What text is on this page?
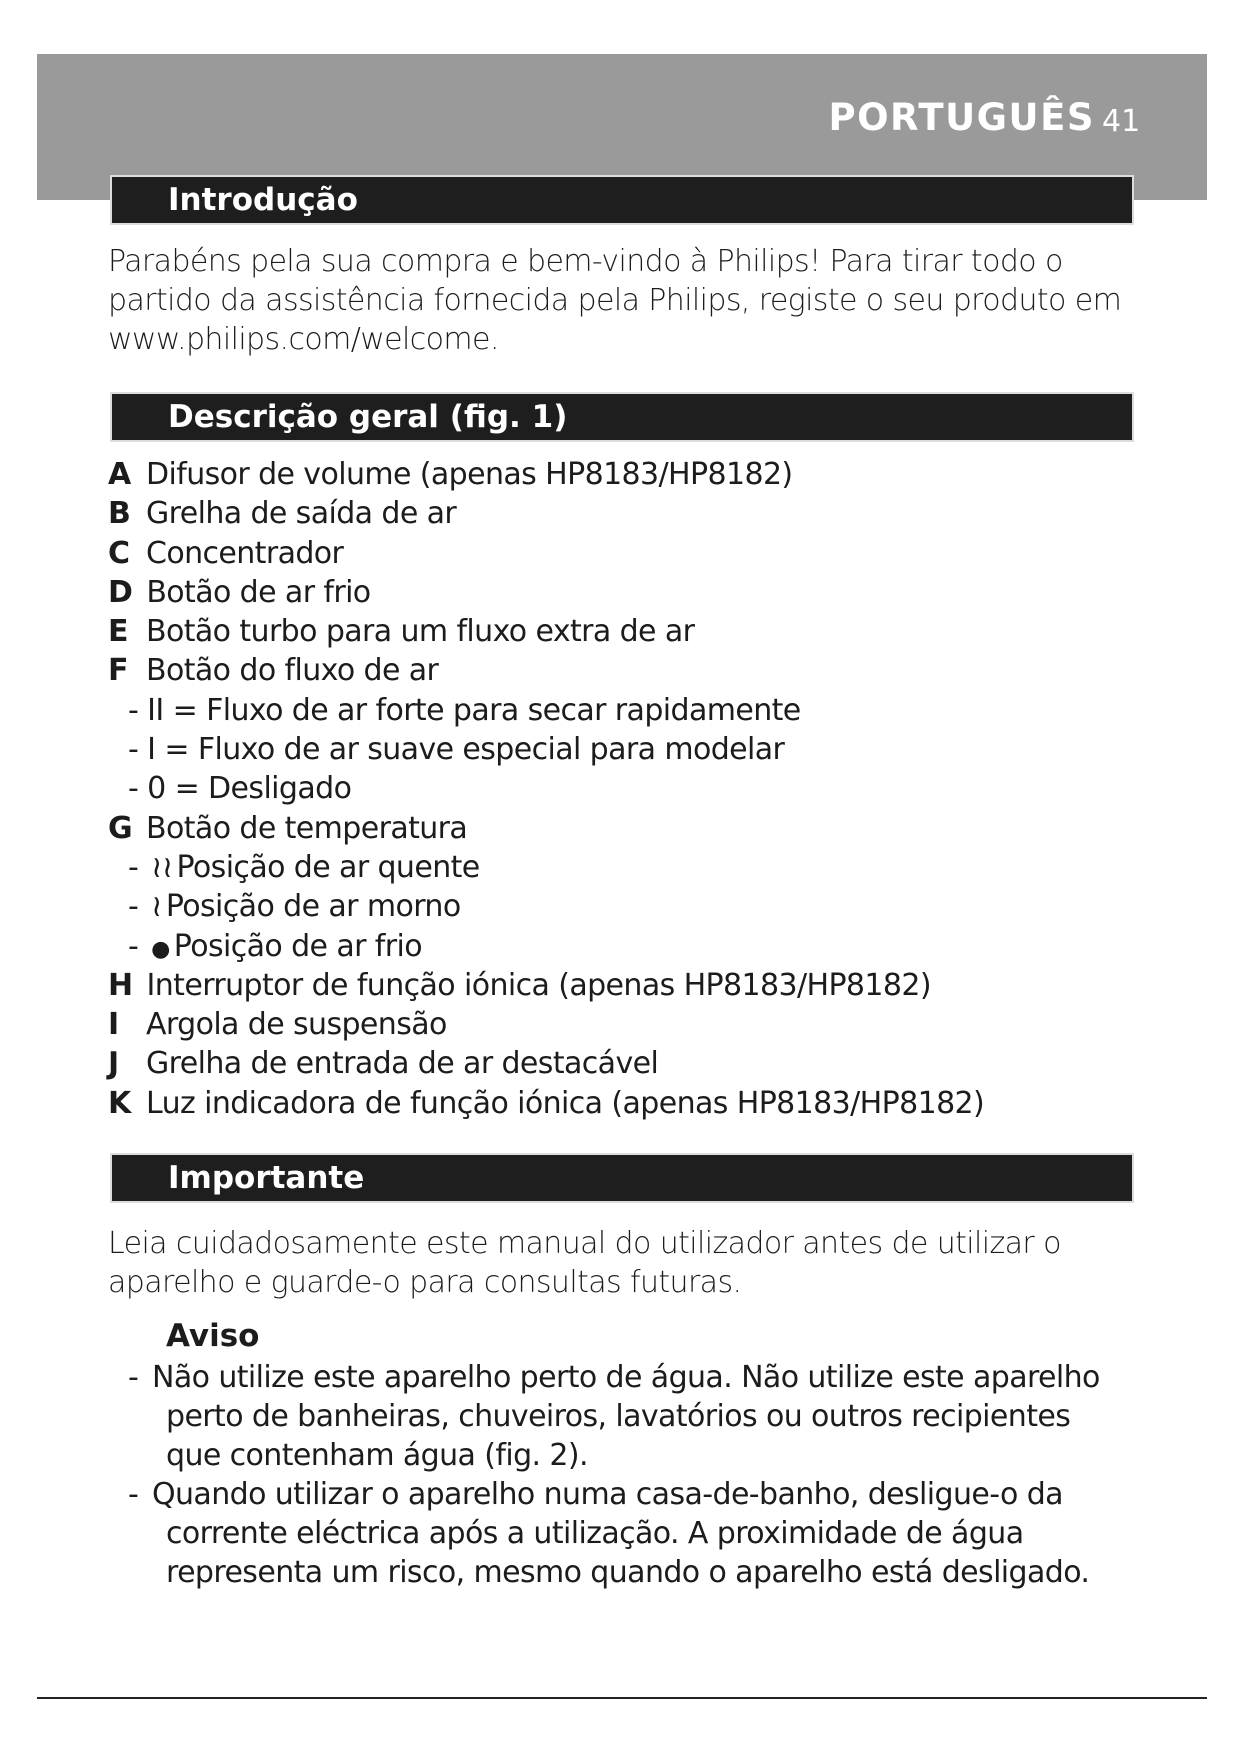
PORTUGUÊS 41
Introdução

Parabéns pela sua compra e bem-vindo à Philips! Para tirar todo o partido da assistência fornecida pela Philips, registe o seu produto em www.philips.com/welcome.

Descrição geral (fig. 1)
A Difusor de volume (apenas HP8183/HP8182)
B Grelha de saída de ar
C Concentrador
D Botão de ar frio
E Botão turbo para um fluxo extra de ar
F Botão do fluxo de ar
- II = Fluxo de ar forte para secar rapidamente
- I = Fluxo de ar suave especial para modelar
- 0 = Desligado
G Botão de temperatura
- ≀≀ Posição de ar quente
- ≀ Posição de ar morno
- ● Posição de ar frio
H Interruptor de função iónica (apenas HP8183/HP8182)
I Argola de suspensão
J Grelha de entrada de ar destacável
K Luz indicadora de função iónica (apenas HP8183/HP8182)
Importante

Leia cuidadosamente este manual do utilizador antes de utilizar o aparelho e guarde-o para consultas futuras.

Aviso
- Não utilize este aparelho perto de água. Não utilize este aparelho perto de banheiras, chuveiros, lavatórios ou outros recipientes que contenham água (fig. 2).
- Quando utilizar o aparelho numa casa-de-banho, desligue-o da corrente eléctrica após a utilização. A proximidade de água representa um risco, mesmo quando o aparelho está desligado.
